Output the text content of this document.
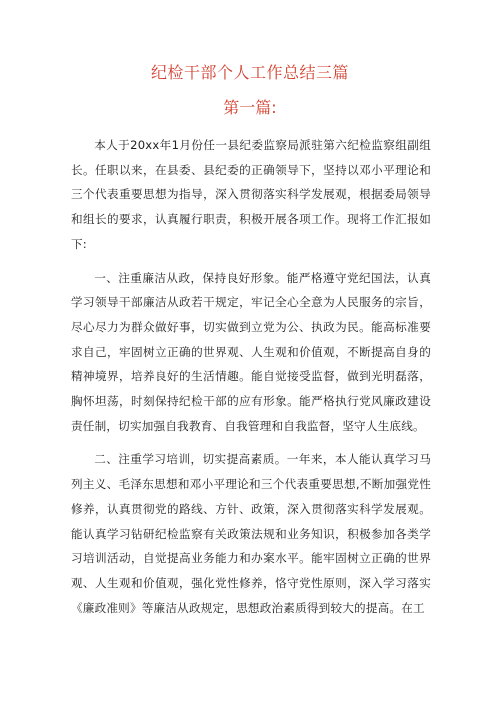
纪检干部个人工作总结三篇
第一篇:

本人于20xx年1月份任一县纪委监察局派驻第六纪检监察组副组长。任职以来，在县委、县纪委的正确领导下，坚持以邓小平理论和三个代表重要思想为指导，深入贯彻落实科学发展观，根据委局领导和组长的要求，认真履行职责，积极开展各项工作。现将工作汇报如下:

一、注重廉洁从政，保持良好形象。能严格遵守党纪国法，认真学习领导干部廉洁从政若干规定，牢记全心全意为人民服务的宗旨，尽心尽力为群众做好事，切实做到立党为公、执政为民。能高标准要求自己，牢固树立正确的世界观、人生观和价值观，不断提高自身的精神境界，培养良好的生活情趣。能自觉接受监督，做到光明磊落，胸怀坦荡，时刻保持纪检干部的应有形象。能严格执行党风廉政建设责任制，切实加强自我教育、自我管理和自我监督，坚守人生底线。

二、注重学习培训，切实提高素质。一年来，本人能认真学习马列主义、毛泽东思想和邓小平理论和三个代表重要思想,不断加强党性修养，认真贯彻党的路线、方针、政策，深入贯彻落实科学发展观。能认真学习钻研纪检监察有关政策法规和业务知识，积极参加各类学习培训活动，自觉提高业务能力和办案水平。能牢固树立正确的世界观、人生观和价值观，强化党性修养，恪守党性原则，深入学习落实《廉政准则》等廉洁从政规定，思想政治素质得到较大的提高。在工
